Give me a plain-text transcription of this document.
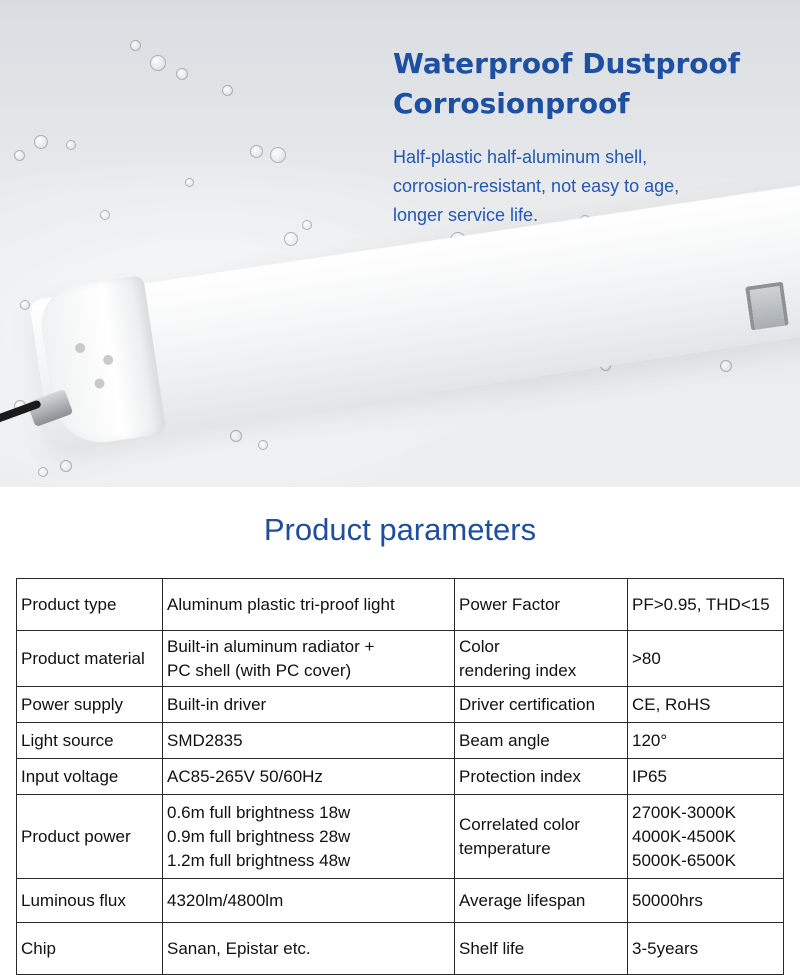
Waterproof Dustproof
Corrosionproof

Half-plastic half-aluminum shell,
corrosion-resistant, not easy to age,
longer service life.

Product parameters
Product type	Aluminum plastic tri-proof light	Power Factor	PF>0.95, THD<15
Product material	Built-in aluminum radiator +
PC shell (with PC cover)	Color
rendering index	>80
Power supply	Built-in driver	Driver certification	CE, RoHS
Light source	SMD2835	Beam angle	120°
Input voltage	AC85-265V 50/60Hz	Protection index	IP65
Product power	0.6m full brightness 18w
0.9m full brightness 28w
1.2m full brightness 48w	Correlated color
temperature	2700K-3000K
4000K-4500K
5000K-6500K
Luminous flux	4320lm/4800lm	Average lifespan	50000hrs
Chip	Sanan, Epistar etc.	Shelf life	3-5years
